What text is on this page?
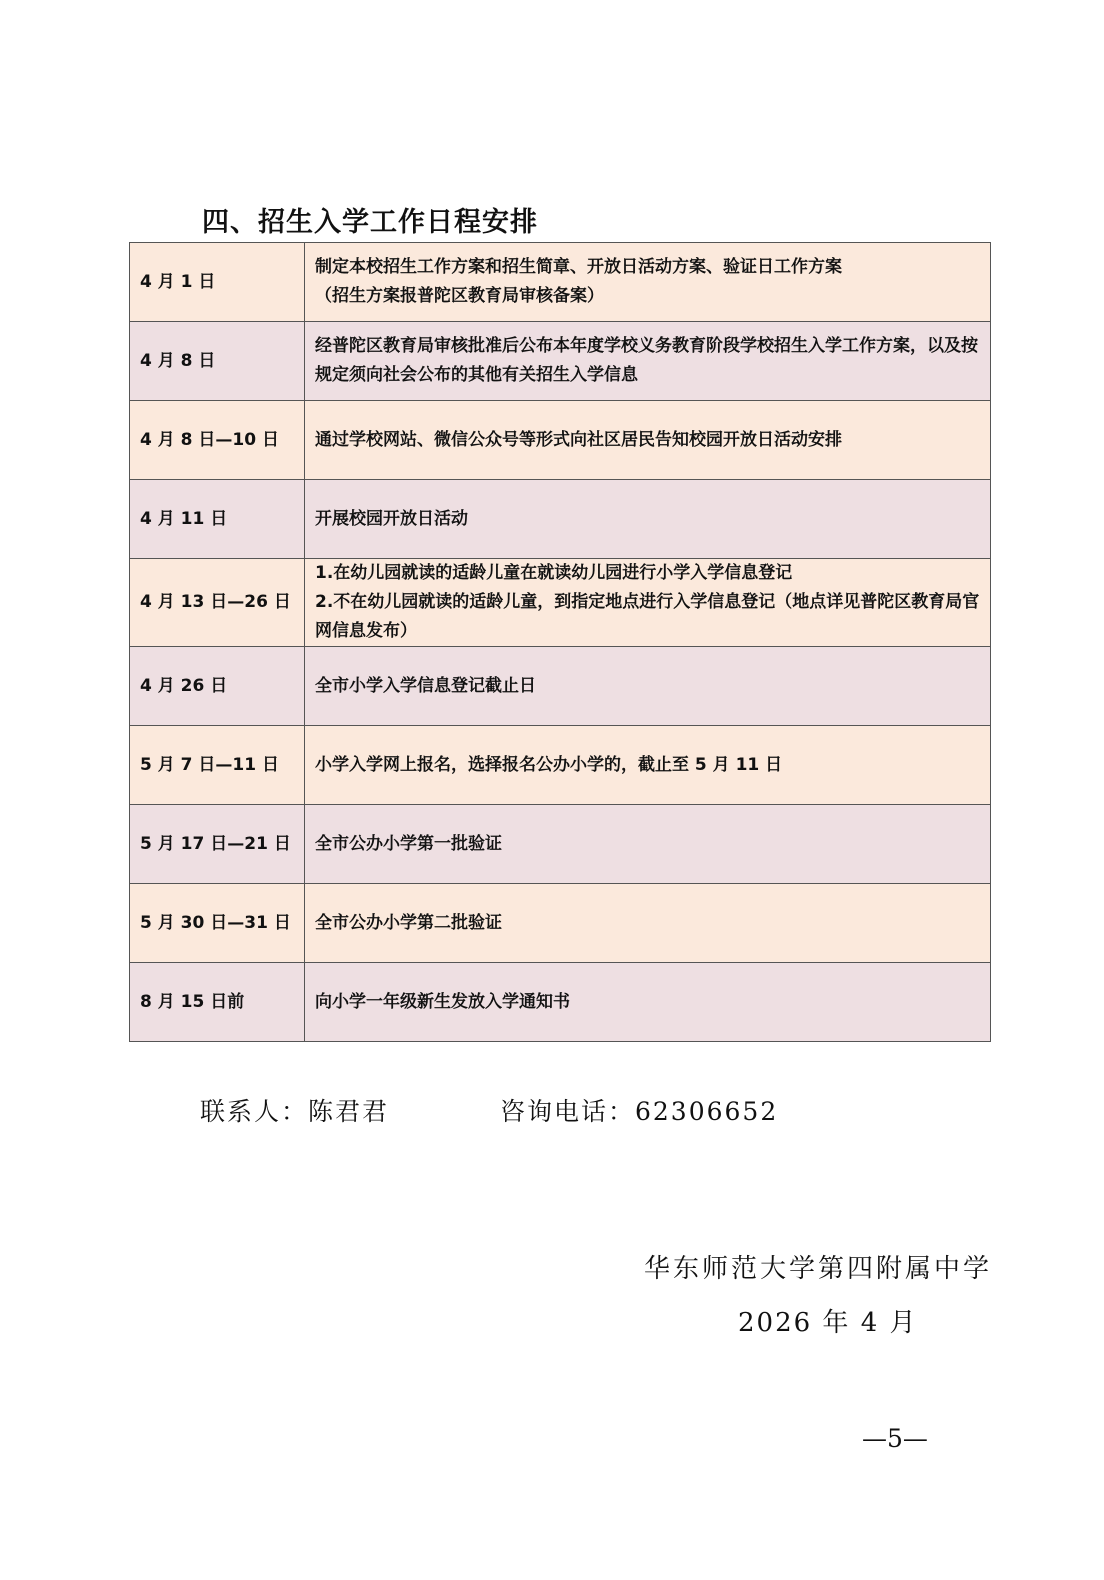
四、招生入学工作日程安排
4 月 1 日	制定本校招生工作方案和招生简章、开放日活动方案、验证日工作方案
（招生方案报普陀区教育局审核备案）

4 月 8 日	经普陀区教育局审核批准后公布本年度学校义务教育阶段学校招生入学工作方案，以及按规定须向社会公布的其他有关招生入学信息

4 月 8 日—10 日	通过学校网站、微信公众号等形式向社区居民告知校园开放日活动安排

4 月 11 日	开展校园开放日活动

4 月 13 日—26 日	1.在幼儿园就读的适龄儿童在就读幼儿园进行小学入学信息登记
2.不在幼儿园就读的适龄儿童，到指定地点进行入学信息登记（地点详见普陀区教育局官网信息发布）

4 月 26 日	全市小学入学信息登记截止日

5 月 7 日—11 日	小学入学网上报名，选择报名公办小学的，截止至 5 月 11 日

5 月 17 日—21 日	全市公办小学第一批验证

5 月 30 日—31 日	全市公办小学第二批验证

8 月 15 日前	向小学一年级新生发放入学通知书
联系人：陈君君	咨询电话：62306652
华东师范大学第四附属中学
2026 年 4 月
—5—
